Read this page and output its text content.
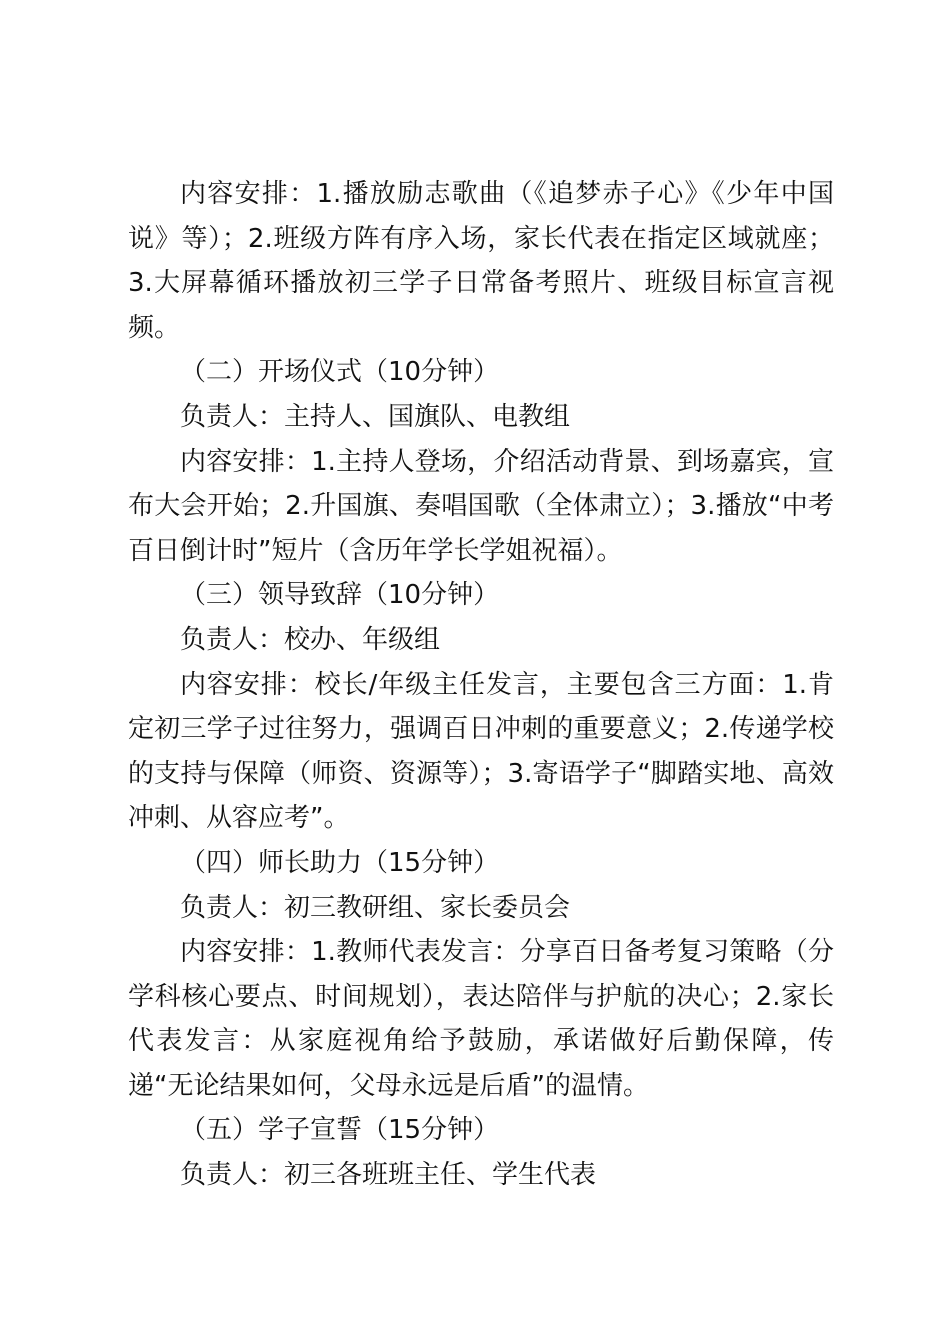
内容安排：1.播放励志歌曲（《追梦赤子心》《少年中国说》等）；2.班级方阵有序入场，家长代表在指定区域就座；3.大屏幕循环播放初三学子日常备考照片、班级目标宣言视频。

（二）开场仪式（10分钟）

负责人：主持人、国旗队、电教组

内容安排：1.主持人登场，介绍活动背景、到场嘉宾，宣布大会开始；2.升国旗、奏唱国歌（全体肃立）；3.播放“中考百日倒计时”短片（含历年学长学姐祝福）。

（三）领导致辞（10分钟）

负责人：校办、年级组

内容安排：校长/年级主任发言，主要包含三方面：1.肯定初三学子过往努力，强调百日冲刺的重要意义；2.传递学校的支持与保障（师资、资源等）；3.寄语学子“脚踏实地、高效冲刺、从容应考”。

（四）师长助力（15分钟）

负责人：初三教研组、家长委员会

内容安排：1.教师代表发言：分享百日备考复习策略（分学科核心要点、时间规划），表达陪伴与护航的决心；2.家长代表发言：从家庭视角给予鼓励，承诺做好后勤保障，传递“无论结果如何，父母永远是后盾”的温情。

（五）学子宣誓（15分钟）

负责人：初三各班班主任、学生代表
